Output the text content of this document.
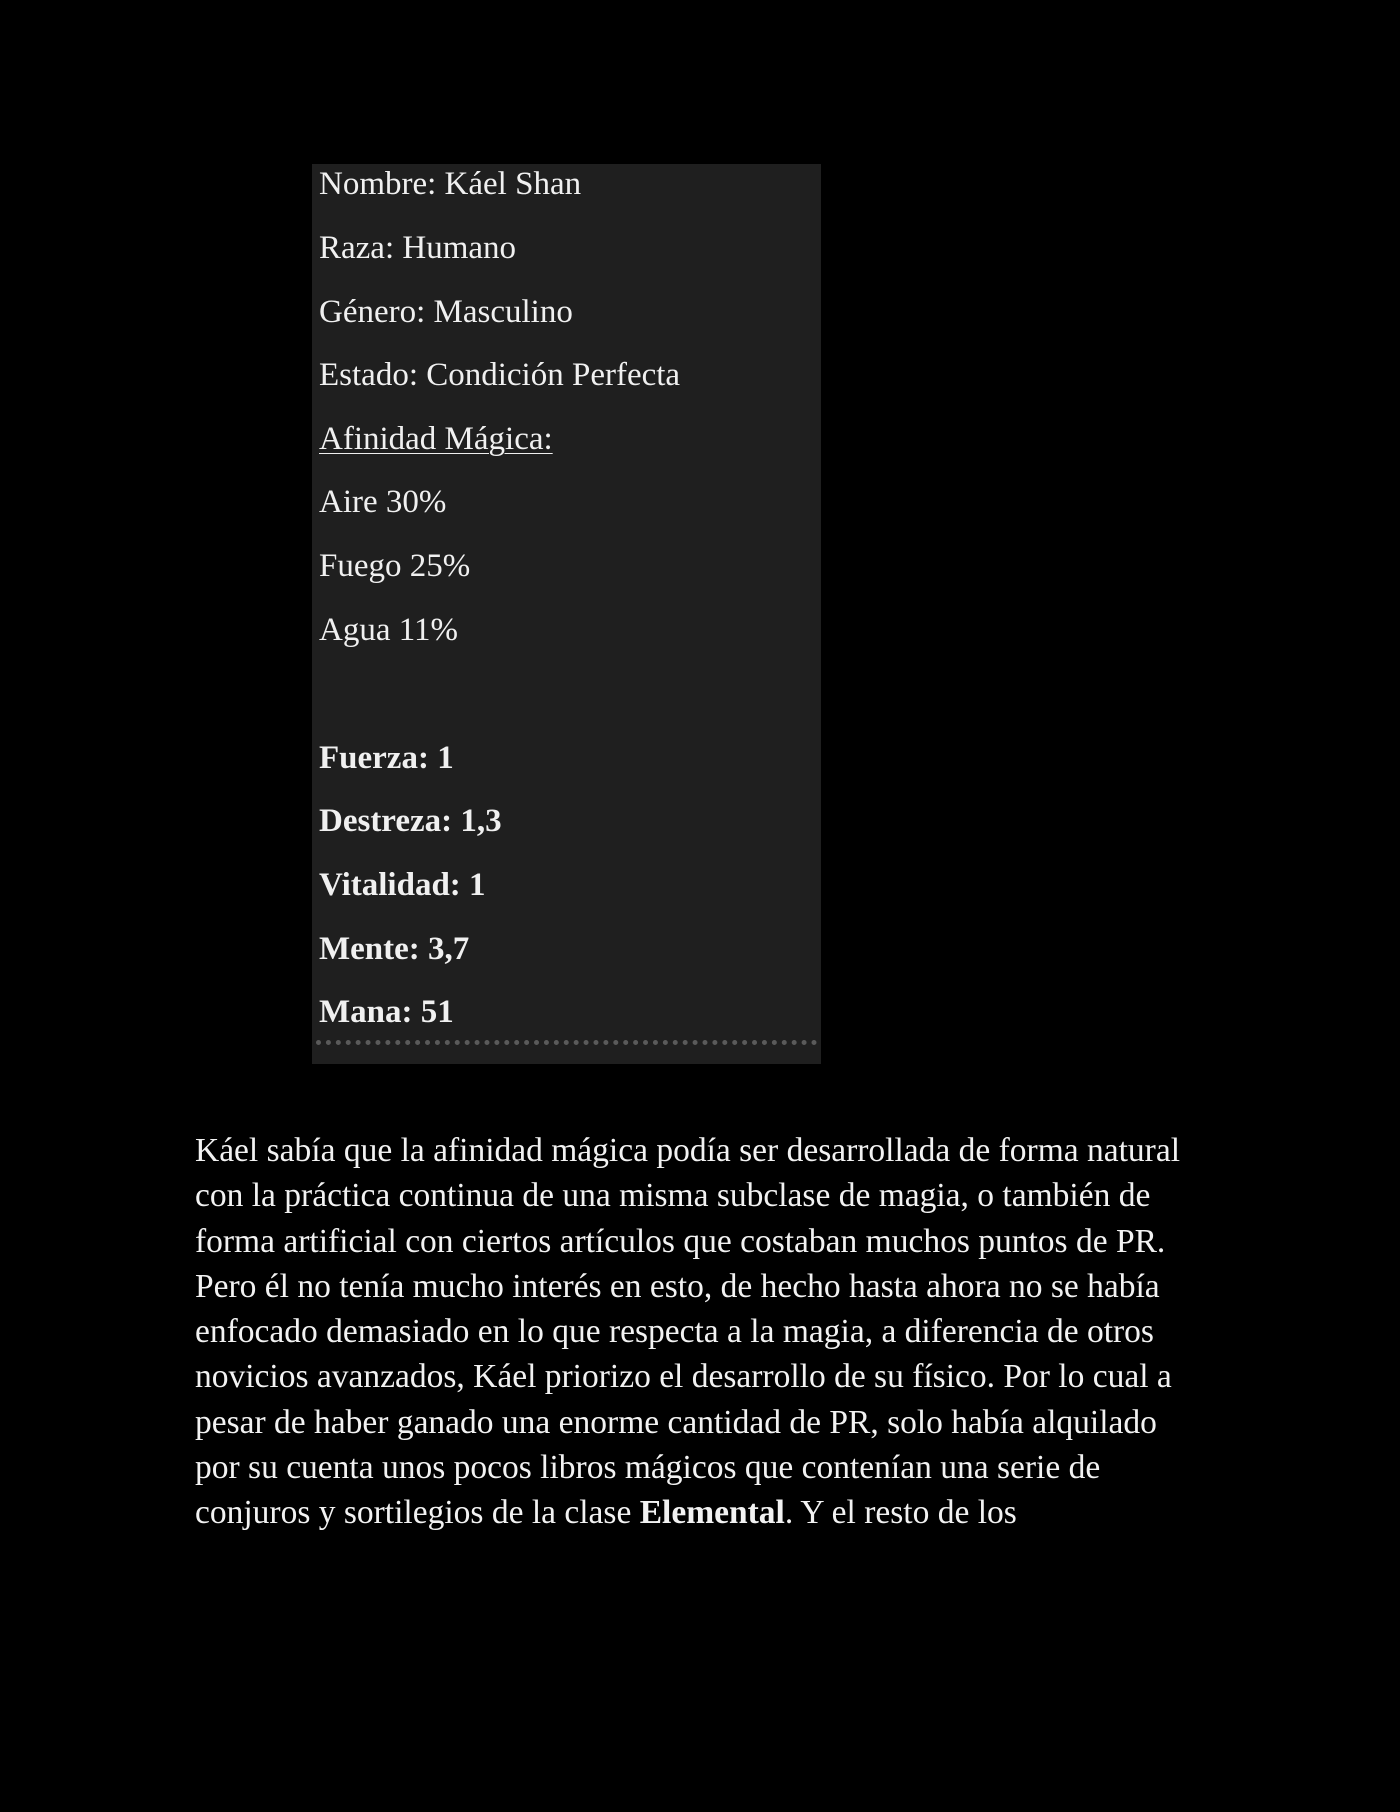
Nombre: Káel Shan
Raza: Humano
Género: Masculino
Estado: Condición Perfecta
Afinidad Mágica:
Aire 30%
Fuego 25%
Agua 11%
Fuerza: 1
Destreza: 1,3
Vitalidad: 1
Mente: 3,7
Mana: 51

Káel sabía que la afinidad mágica podía ser desarrollada de forma natural con la práctica continua de una misma subclase de magia, o también de forma artificial con ciertos artículos que costaban muchos puntos de PR. Pero él no tenía mucho interés en esto, de hecho hasta ahora no se había enfocado demasiado en lo que respecta a la magia, a diferencia de otros novicios avanzados, Káel priorizo el desarrollo de su físico. Por lo cual a pesar de haber ganado una enorme cantidad de PR, solo había alquilado por su cuenta unos pocos libros mágicos que contenían una serie de conjuros y sortilegios de la clase Elemental. Y el resto de los
